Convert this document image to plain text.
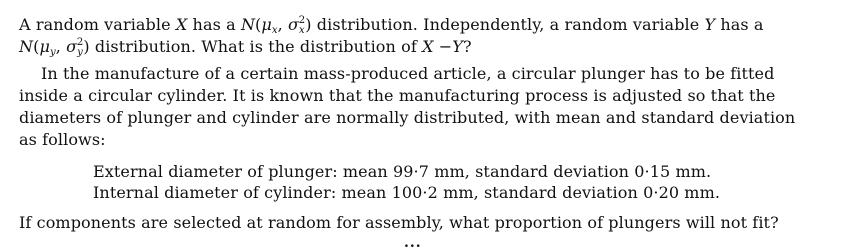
A random variable X has a $N(\mu_x$, $\sigma_x^2$) distribution. Independently, a random variable Y has a
$N(\mu_y$, $\sigma_y^2$) distribution. What is the distribution of X −Y?
In the manufacture of a certain mass-produced article, a circular plunger has to be fitted
inside a circular cylinder. It is known that the manufacturing process is adjusted so that the
diameters of plunger and cylinder are normally distributed, with mean and standard deviation
as follows:
External diameter of plunger: mean 99·7 mm, standard deviation 0·15 mm.
Internal diameter of cylinder: mean 100·2 mm, standard deviation 0·20 mm.
If components are selected at random for assembly, what proportion of plungers will not fit?
...
